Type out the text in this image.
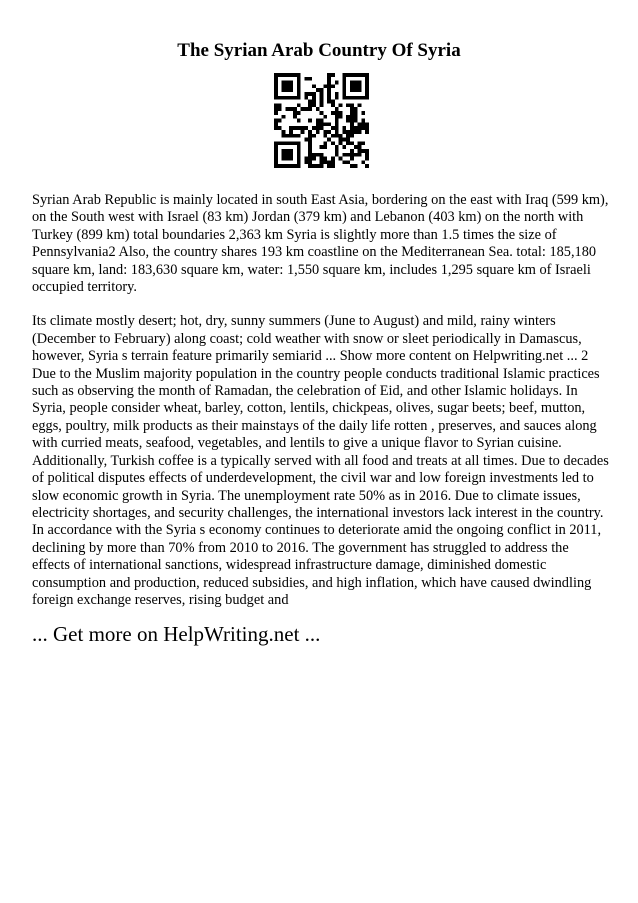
The Syrian Arab Country Of Syria

Syrian Arab Republic is mainly located in south East Asia, bordering on the east with Iraq (599 km), on the South west with Israel (83 km) Jordan (379 km) and Lebanon (403 km) on the north with Turkey (899 km) total boundaries 2,363 km Syria is slightly more than 1.5 times the size of Pennsylvania2 Also, the country shares 193 km coastline on the Mediterranean Sea. total: 185,180 square km, land: 183,630 square km, water: 1,550 square km, includes 1,295 square km of Israeli occupied territory.

Its climate mostly desert; hot, dry, sunny summers (June to August) and mild, rainy winters (December to February) along coast; cold weather with snow or sleet periodically in Damascus, however, Syria s terrain feature primarily semiarid ... Show more content on Helpwriting.net ... 2 Due to the Muslim majority population in the country people conducts traditional Islamic practices such as observing the month of Ramadan, the celebration of Eid, and other Islamic holidays. In Syria, people consider wheat, barley, cotton, lentils, chickpeas, olives, sugar beets; beef, mutton, eggs, poultry, milk products as their mainstays of the daily life rotten , preserves, and sauces along with curried meats, seafood, vegetables, and lentils to give a unique flavor to Syrian cuisine. Additionally, Turkish coffee is a typically served with all food and treats at all times. Due to decades of political disputes effects of underdevelopment, the civil war and low foreign investments led to slow economic growth in Syria. The unemployment rate 50% as in 2016. Due to climate issues, electricity shortages, and security challenges, the international investors lack interest in the country. In accordance with the Syria s economy continues to deteriorate amid the ongoing conflict in 2011, declining by more than 70% from 2010 to 2016. The government has struggled to address the effects of international sanctions, widespread infrastructure damage, diminished domestic consumption and production, reduced subsidies, and high inflation, which have caused dwindling foreign exchange reserves, rising budget and

... Get more on HelpWriting.net ...
